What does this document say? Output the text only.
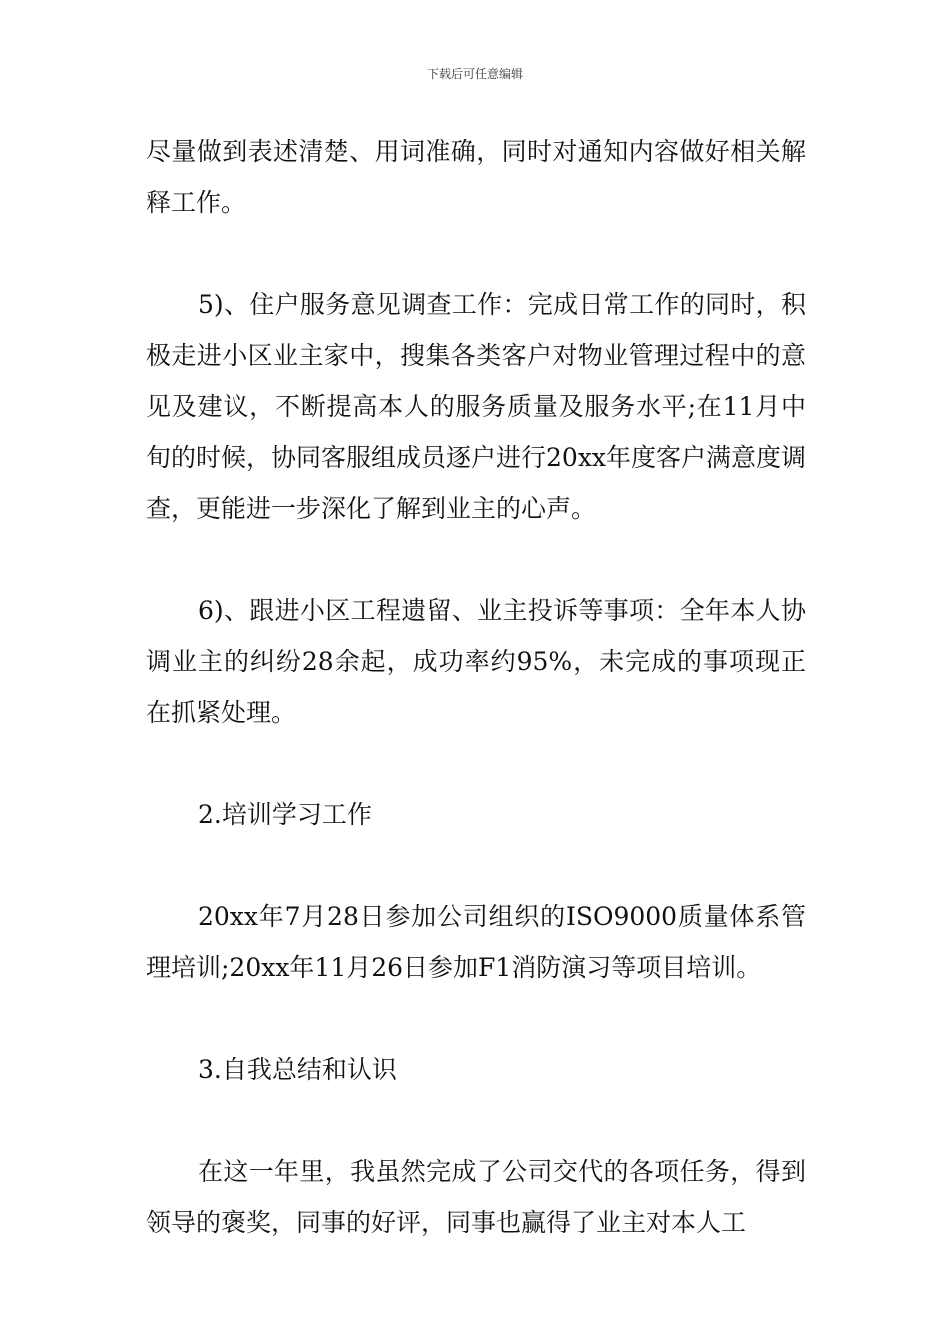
下载后可任意编辑

尽量做到表述清楚、用词准确，同时对通知内容做好相关解释工作。

5)、住户服务意见调查工作：完成日常工作的同时，积极走进小区业主家中，搜集各类客户对物业管理过程中的意见及建议，不断提高本人的服务质量及服务水平;在11月中旬的时候，协同客服组成员逐户进行20xx年度客户满意度调查，更能进一步深化了解到业主的心声。

6)、跟进小区工程遗留、业主投诉等事项：全年本人协调业主的纠纷28余起，成功率约95%，未完成的事项现正在抓紧处理。

2.培训学习工作

20xx年7月28日参加公司组织的ISO9000质量体系管理培训;20xx年11月26日参加F1消防演习等项目培训。

3.自我总结和认识

在这一年里，我虽然完成了公司交代的各项任务，得到领导的褒奖，同事的好评，同事也赢得了业主对本人工
